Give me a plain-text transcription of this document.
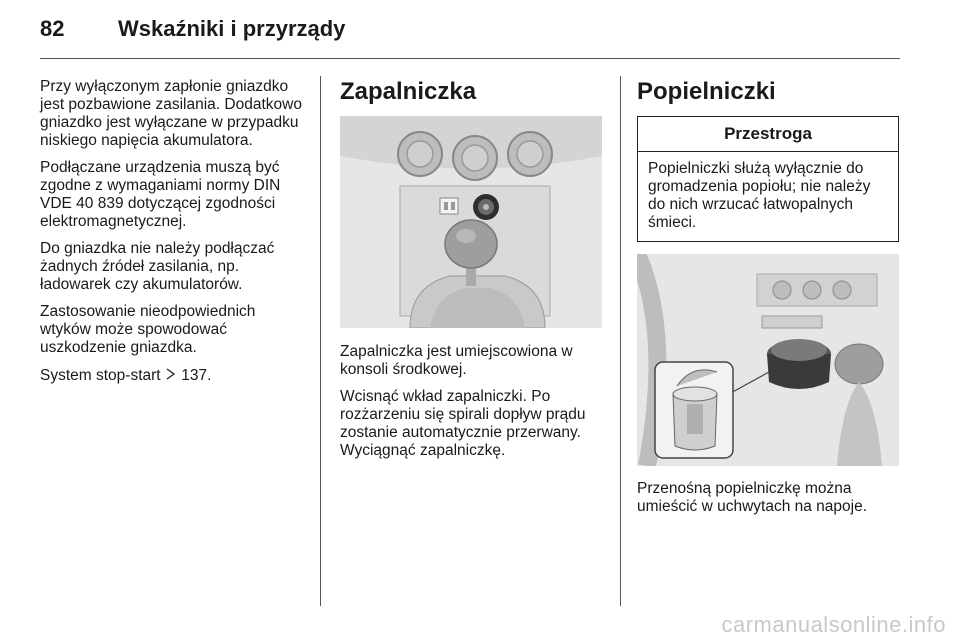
82 Wskaźniki i przyrządy

Przy wyłączonym zapłonie gniazdko jest pozbawione zasilania. Dodatkowo gniazdko jest wyłączane w przypadku niskiego napięcia akumulatora.

Podłączane urządzenia muszą być zgodne z wymaganiami normy DIN VDE 40 839 dotyczącej zgodności elektromagnetycznej.

Do gniazdka nie należy podłączać żadnych źródeł zasilania, np. ładowarek czy akumulatorów.

Zastosowanie nieodpowiednich wtyków może spowodować uszkodzenie gniazdka.

System stop-start 137.

Zapalniczka

Zapalniczka jest umiejscowiona w konsoli środkowej.

Wcisnąć wkład zapalniczki. Po rozżarzeniu się spirali dopływ prądu zostanie automatycznie przerwany. Wyciągnąć zapalniczkę.

Popielniczki
Przestroga
Popielniczki służą wyłącznie do gromadzenia popiołu; nie należy do nich wrzucać łatwopalnych śmieci.

Przenośną popielniczkę można umieścić w uchwytach na napoje.

carmanualsonline.info
